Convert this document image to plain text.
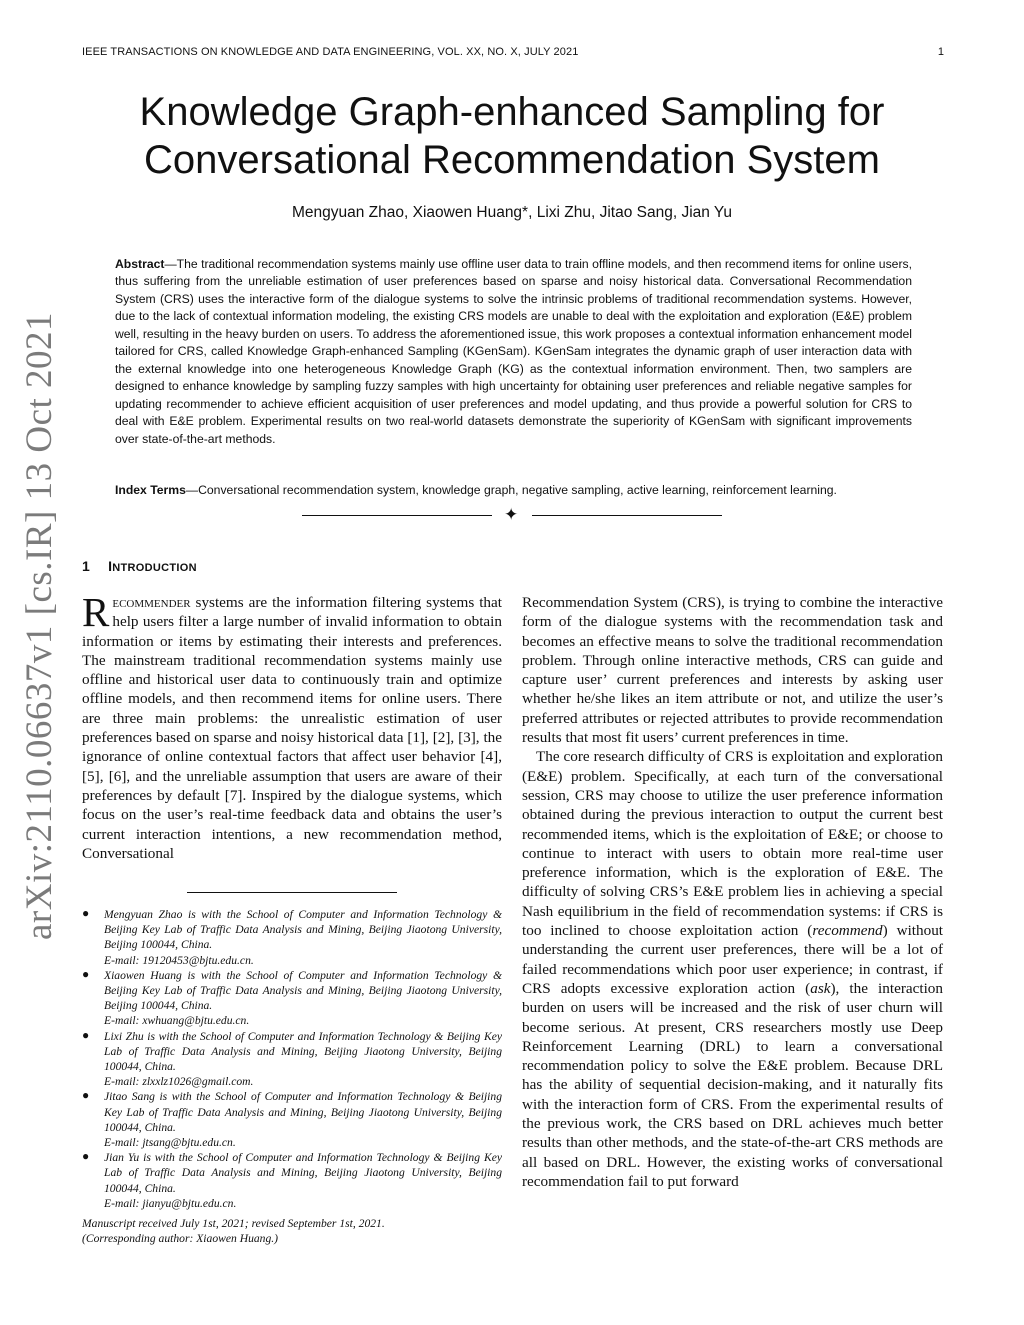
IEEE TRANSACTIONS ON KNOWLEDGE AND DATA ENGINEERING, VOL. XX, NO. X, JULY 2021	1
arXiv:2110.06637v1 [cs.IR] 13 Oct 2021
Knowledge Graph-enhanced Sampling for
Conversational Recommendation System
Mengyuan Zhao, Xiaowen Huang*, Lixi Zhu, Jitao Sang, Jian Yu

Abstract—The traditional recommendation systems mainly use offline user data to train offline models, and then recommend items for online users, thus suffering from the unreliable estimation of user preferences based on sparse and noisy historical data. Conversational Recommendation System (CRS) uses the interactive form of the dialogue systems to solve the intrinsic problems of traditional recommendation systems. However, due to the lack of contextual information modeling, the existing CRS models are unable to deal with the exploitation and exploration (E&E) problem well, resulting in the heavy burden on users. To address the aforementioned issue, this work proposes a contextual information enhancement model tailored for CRS, called Knowledge Graph-enhanced Sampling (KGenSam). KGenSam integrates the dynamic graph of user interaction data with the external knowledge into one heterogeneous Knowledge Graph (KG) as the contextual information environment. Then, two samplers are designed to enhance knowledge by sampling fuzzy samples with high uncertainty for obtaining user preferences and reliable negative samples for updating recommender to achieve efficient acquisition of user preferences and model updating, and thus provide a powerful solution for CRS to deal with E&E problem. Experimental results on two real-world datasets demonstrate the superiority of KGenSam with significant improvements over state-of-the-art methods.

Index Terms—Conversational recommendation system, knowledge graph, negative sampling, active learning, reinforcement learning.
✦
1 INTRODUCTION

Recommender systems are the information filtering systems that help users filter a large number of invalid information to obtain information or items by estimating their interests and preferences. The mainstream traditional recommendation systems mainly use offline and historical user data to continuously train and optimize offline models, and then recommend items for online users. There are three main problems: the unrealistic estimation of user preferences based on sparse and noisy historical data [1], [2], [3], the ignorance of online contextual factors that affect user behavior [4], [5], [6], and the unreliable assumption that users are aware of their preferences by default [7]. Inspired by the dialogue systems, which focus on the user’s real-time feedback data and obtains the user’s current interaction intentions, a new recommendation method, Conversational

● Mengyuan Zhao is with the School of Computer and Information Technology & Beijing Key Lab of Traffic Data Analysis and Mining, Beijing Jiaotong University, Beijing 100044, China.
E-mail: 19120453@bjtu.edu.cn.
● Xiaowen Huang is with the School of Computer and Information Technology & Beijing Key Lab of Traffic Data Analysis and Mining, Beijing Jiaotong University, Beijing 100044, China.
E-mail: xwhuang@bjtu.edu.cn.
● Lixi Zhu is with the School of Computer and Information Technology & Beijing Key Lab of Traffic Data Analysis and Mining, Beijing Jiaotong University, Beijing 100044, China.
E-mail: zlxxlz1026@gmail.com.
● Jitao Sang is with the School of Computer and Information Technology & Beijing Key Lab of Traffic Data Analysis and Mining, Beijing Jiaotong University, Beijing 100044, China.
E-mail: jtsang@bjtu.edu.cn.
● Jian Yu is with the School of Computer and Information Technology & Beijing Key Lab of Traffic Data Analysis and Mining, Beijing Jiaotong University, Beijing 100044, China.
E-mail: jianyu@bjtu.edu.cn.
Manuscript received July 1st, 2021; revised September 1st, 2021.
(Corresponding author: Xiaowen Huang.)

Recommendation System (CRS), is trying to combine the interactive form of the dialogue systems with the recommendation task and becomes an effective means to solve the traditional recommendation problem. Through online interactive methods, CRS can guide and capture user’ current preferences and interests by asking user whether he/she likes an item attribute or not, and utilize the user’s preferred attributes or rejected attributes to provide recommendation results that most fit users’ current preferences in time.

The core research difficulty of CRS is exploitation and exploration (E&E) problem. Specifically, at each turn of the conversational session, CRS may choose to utilize the user preference information obtained during the previous interaction to output the current best recommended items, which is the exploitation of E&E; or choose to continue to interact with users to obtain more real-time user preference information, which is the exploration of E&E. The difficulty of solving CRS’s E&E problem lies in achieving a special Nash equilibrium in the field of recommendation systems: if CRS is too inclined to choose exploitation action (recommend) without understanding the current user preferences, there will be a lot of failed recommendations which poor user experience; in contrast, if CRS adopts excessive exploration action (ask), the interaction burden on users will be increased and the risk of user churn will become serious. At present, CRS researchers mostly use Deep Reinforcement Learning (DRL) to learn a conversational recommendation policy to solve the E&E problem. Because DRL has the ability of sequential decision-making, and it naturally fits with the interaction form of CRS. From the experimental results of the previous work, the CRS based on DRL achieves much better results than other methods, and the state-of-the-art CRS methods are all based on DRL. However, the existing works of conversational recommendation fail to put forward
